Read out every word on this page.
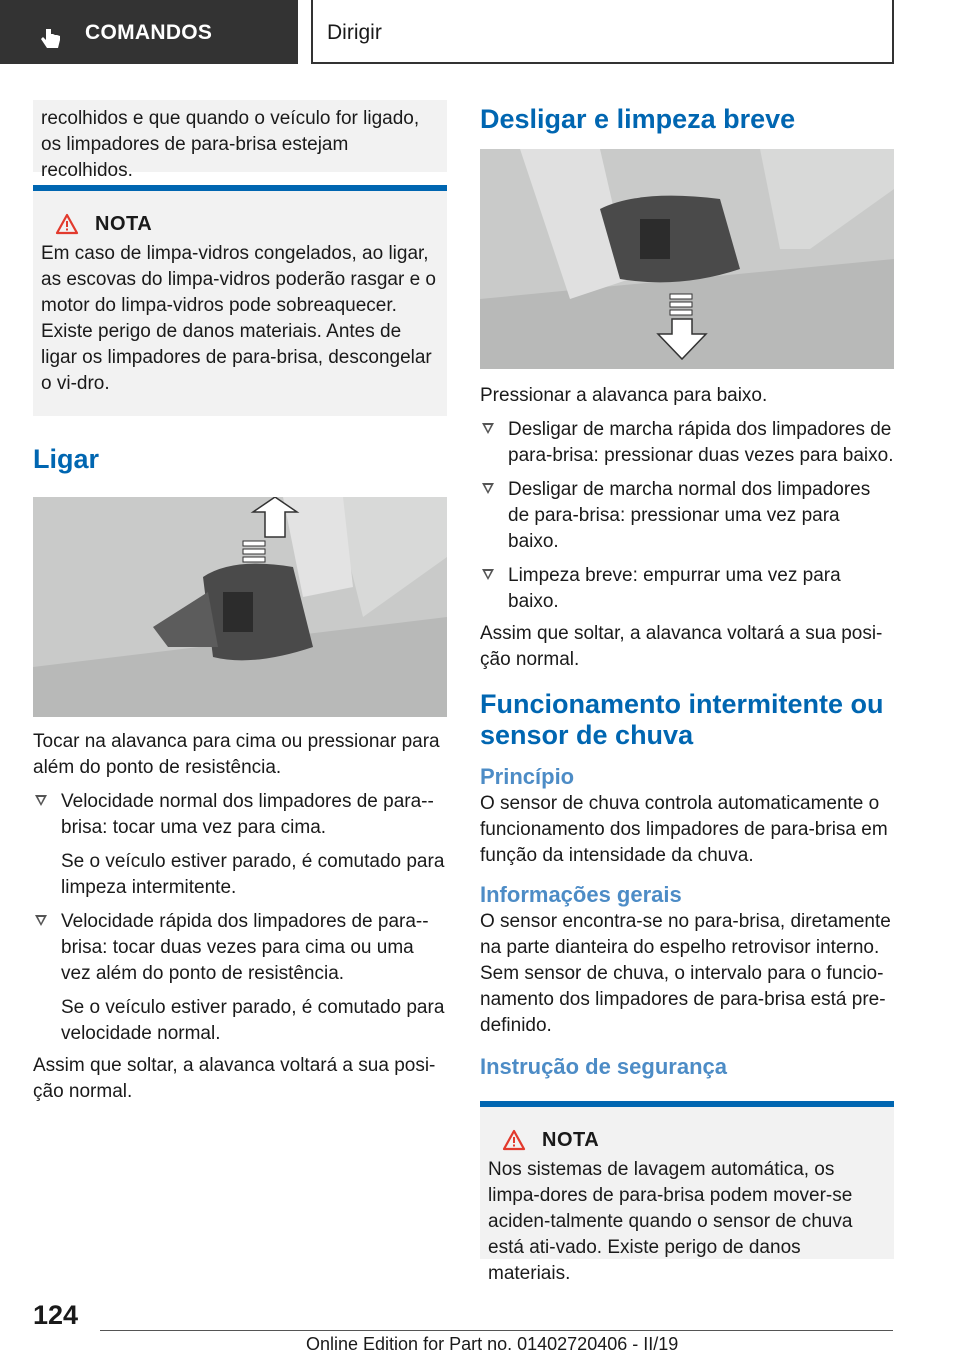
COMANDOS	Dirigir

recolhidos e que quando o veículo for ligado, os limpadores de para-brisa estejam recolhidos.

NOTA

Em caso de limpa-vidros congelados, ao ligar, as escovas do limpa-vidros poderão rasgar e o motor do limpa-vidros pode sobreaquecer. Existe perigo de danos materiais. Antes de ligar os limpadores de para-brisa, descongelar o vi-dro.

Ligar

Tocar na alavanca para cima ou pressionar para além do ponto de resistência.

Velocidade normal dos limpadores de para--brisa: tocar uma vez para cima.

Se o veículo estiver parado, é comutado para limpeza intermitente.

Velocidade rápida dos limpadores de para--brisa: tocar duas vezes para cima ou uma vez além do ponto de resistência.

Se o veículo estiver parado, é comutado para velocidade normal.

Assim que soltar, a alavanca voltará a sua posi-ção normal.

Desligar e limpeza breve

Pressionar a alavanca para baixo.

Desligar de marcha rápida dos limpadores de para-brisa: pressionar duas vezes para baixo.

Desligar de marcha normal dos limpadores de para-brisa: pressionar uma vez para baixo.

Limpeza breve: empurrar uma vez para baixo.

Assim que soltar, a alavanca voltará a sua posi-ção normal.

Funcionamento intermitente ou sensor de chuva
Princípio

O sensor de chuva controla automaticamente o funcionamento dos limpadores de para-brisa em função da intensidade da chuva.

Informações gerais

O sensor encontra-se no para-brisa, diretamente na parte dianteira do espelho retrovisor interno. Sem sensor de chuva, o intervalo para o funcio-namento dos limpadores de para-brisa está pre-definido.

Instrução de segurança
NOTA

Nos sistemas de lavagem automática, os limpa-dores de para-brisa podem mover-se aciden-talmente quando o sensor de chuva está ati-vado. Existe perigo de danos materiais.

124
Online Edition for Part no. 01402720406 - II/19
